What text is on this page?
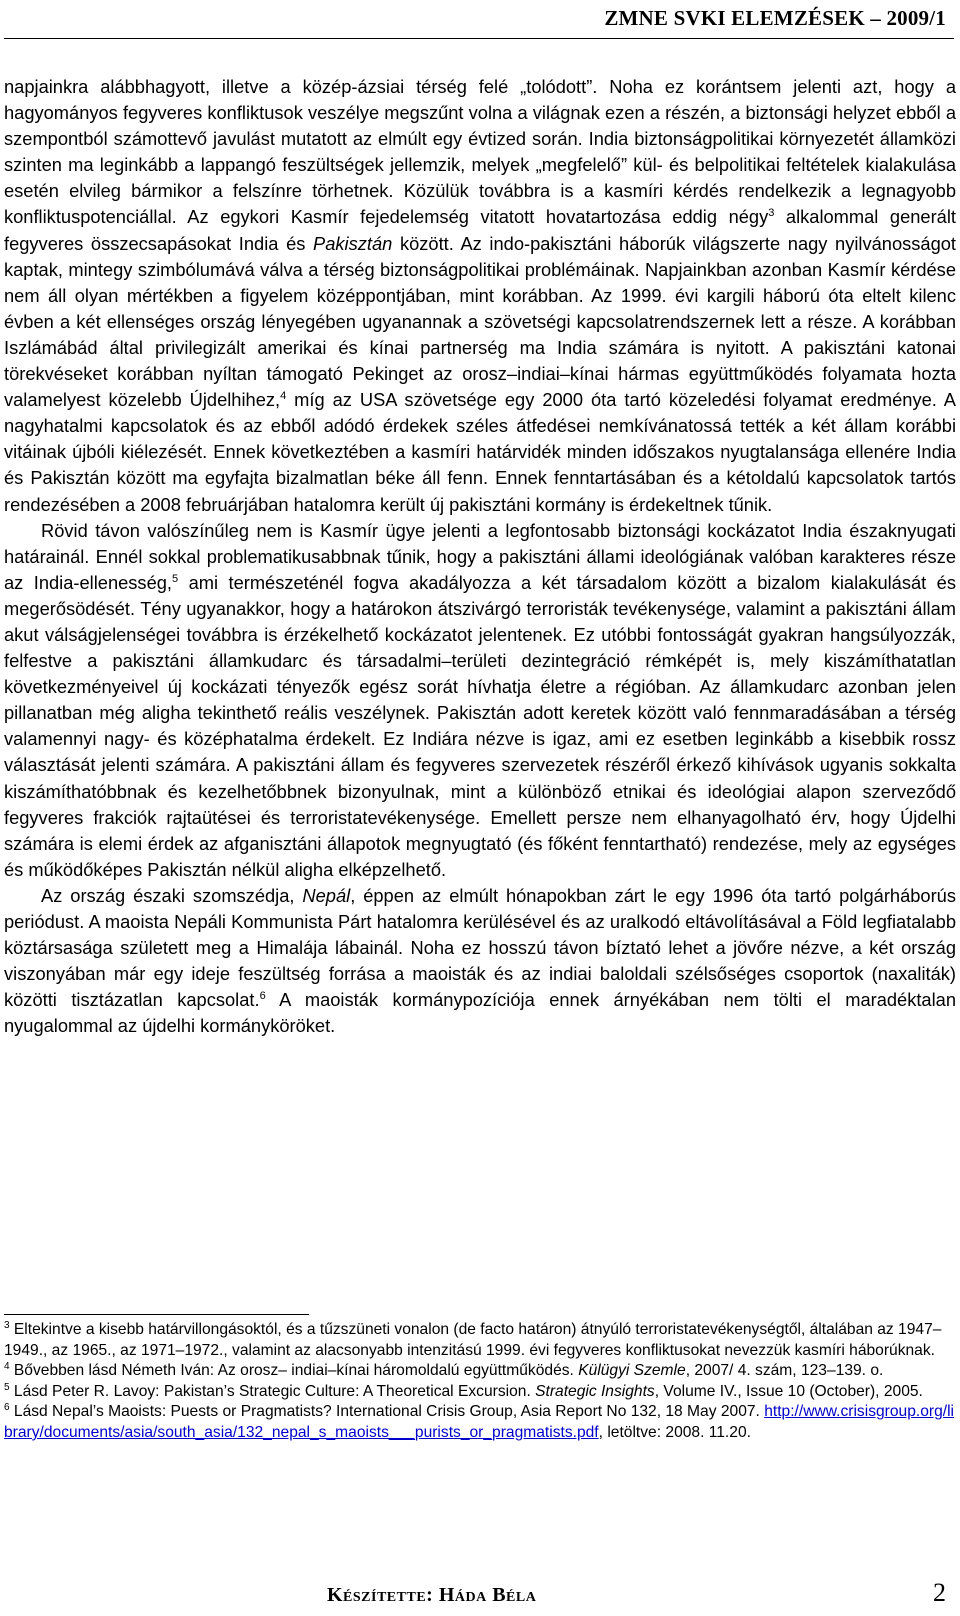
ZMNE SVKI ELEMZÉSEK – 2009/1

napjainkra alábbhagyott, illetve a közép-ázsiai térség felé „tolódott”. Noha ez korántsem jelenti azt, hogy a hagyományos fegyveres konfliktusok veszélye megszűnt volna a világnak ezen a részén, a biztonsági helyzet ebből a szempontból számottevő javulást mutatott az elmúlt egy évtized során. India biztonságpolitikai környezetét államközi szinten ma leginkább a lappangó feszültségek jellemzik, melyek „megfelelő” kül- és belpolitikai feltételek kialakulása esetén elvileg bármikor a felszínre törhetnek. Közülük továbbra is a kasmíri kérdés rendelkezik a legnagyobb konfliktuspotenciállal. Az egykori Kasmír fejedelemség vitatott hovatartozása eddig négy$^3$ alkalommal generált fegyveres összecsapásokat India és Pakisztán között. Az indo-pakisztáni háborúk világszerte nagy nyilvánosságot kaptak, mintegy szimbólumává válva a térség biztonságpolitikai problémáinak. Napjainkban azonban Kasmír kérdése nem áll olyan mértékben a figyelem középpontjában, mint korábban. Az 1999. évi kargili háború óta eltelt kilenc évben a két ellenséges ország lényegében ugyanannak a szövetségi kapcsolatrendszernek lett a része. A korábban Iszlámábád által privilegizált amerikai és kínai partnerség ma India számára is nyitott. A pakisztáni katonai törekvéseket korábban nyíltan támogató Pekinget az orosz–indiai–kínai hármas együttműködés folyamata hozta valamelyest közelebb Újdelhihez,$^4$ míg az USA szövetsége egy 2000 óta tartó közeledési folyamat eredménye. A nagyhatalmi kapcsolatok és az ebből adódó érdekek széles átfedései nemkívánatossá tették a két állam korábbi vitáinak újbóli kiélezését. Ennek következtében a kasmíri határvidék minden időszakos nyugtalansága ellenére India és Pakisztán között ma egyfajta bizalmatlan béke áll fenn. Ennek fenntartásában és a kétoldalú kapcsolatok tartós rendezésében a 2008 februárjában hatalomra került új pakisztáni kormány is érdekeltnek tűnik.

Rövid távon valószínűleg nem is Kasmír ügye jelenti a legfontosabb biztonsági kockázatot India északnyugati határainál. Ennél sokkal problematikusabbnak tűnik, hogy a pakisztáni állami ideológiának valóban karakteres része az India-ellenesség,$^5$ ami természeténél fogva akadályozza a két társadalom között a bizalom kialakulását és megerősödését. Tény ugyanakkor, hogy a határokon átszivárgó terroristák tevékenysége, valamint a pakisztáni állam akut válságjelenségei továbbra is érzékelhető kockázatot jelentenek. Ez utóbbi fontosságát gyakran hangsúlyozzák, felfestve a pakisztáni államkudarc és társadalmi–területi dezintegráció rémképét is, mely kiszámíthatatlan következményeivel új kockázati tényezők egész sorát hívhatja életre a régióban. Az államkudarc azonban jelen pillanatban még aligha tekinthető reális veszélynek. Pakisztán adott keretek között való fennmaradásában a térség valamennyi nagy- és középhatalma érdekelt. Ez Indiára nézve is igaz, ami ez esetben leginkább a kisebbik rossz választását jelenti számára. A pakisztáni állam és fegyveres szervezetek részéről érkező kihívások ugyanis sokkalta kiszámíthatóbbnak és kezelhetőbbnek bizonyulnak, mint a különböző etnikai és ideológiai alapon szerveződő fegyveres frakciók rajtaütései és terroristatevékenysége. Emellett persze nem elhanyagolható érv, hogy Újdelhi számára is elemi érdek az afganisztáni állapotok megnyugtató (és főként fenntartható) rendezése, mely az egységes és működőképes Pakisztán nélkül aligha elképzelhető.

Az ország északi szomszédja, Nepál, éppen az elmúlt hónapokban zárt le egy 1996 óta tartó polgárháborús periódust. A maoista Nepáli Kommunista Párt hatalomra kerülésével és az uralkodó eltávolításával a Föld legfiatalabb köztársasága született meg a Himalája lábainál. Noha ez hosszú távon bíztató lehet a jövőre nézve, a két ország viszonyában már egy ideje feszültség forrása a maoisták és az indiai baloldali szélsőséges csoportok (naxaliták) közötti tisztázatlan kapcsolat.$^6$ A maoisták kormánypozíciója ennek árnyékában nem tölti el maradéktalan nyugalommal az újdelhi kormányköröket.

$^3$ Eltekintve a kisebb határvillongásoktól, és a tűzszüneti vonalon (de facto határon) átnyúló terroristatevékenységtől, általában az 1947–1949., az 1965., az 1971–1972., valamint az alacsonyabb intenzitású 1999. évi fegyveres konfliktusokat nevezzük kasmíri háborúknak.

$^4$ Bővebben lásd Németh Iván: Az orosz– indiai–kínai háromoldalú együttműködés. Külügyi Szemle, 2007/ 4. szám, 123–139. o.

$^5$ Lásd Peter R. Lavoy: Pakistan’s Strategic Culture: A Theoretical Excursion. Strategic Insights, Volume IV., Issue 10 (October), 2005.

$^6$ Lásd Nepal’s Maoists: Puests or Pragmatists? International Crisis Group, Asia Report No 132, 18 May 2007. http://www.crisisgroup.org/library/documents/asia/south_asia/132_nepal_s_maoists___purists_or_pragmatists.pdf, letöltve: 2008. 11.20.

Készítette: Háda Béla	2
